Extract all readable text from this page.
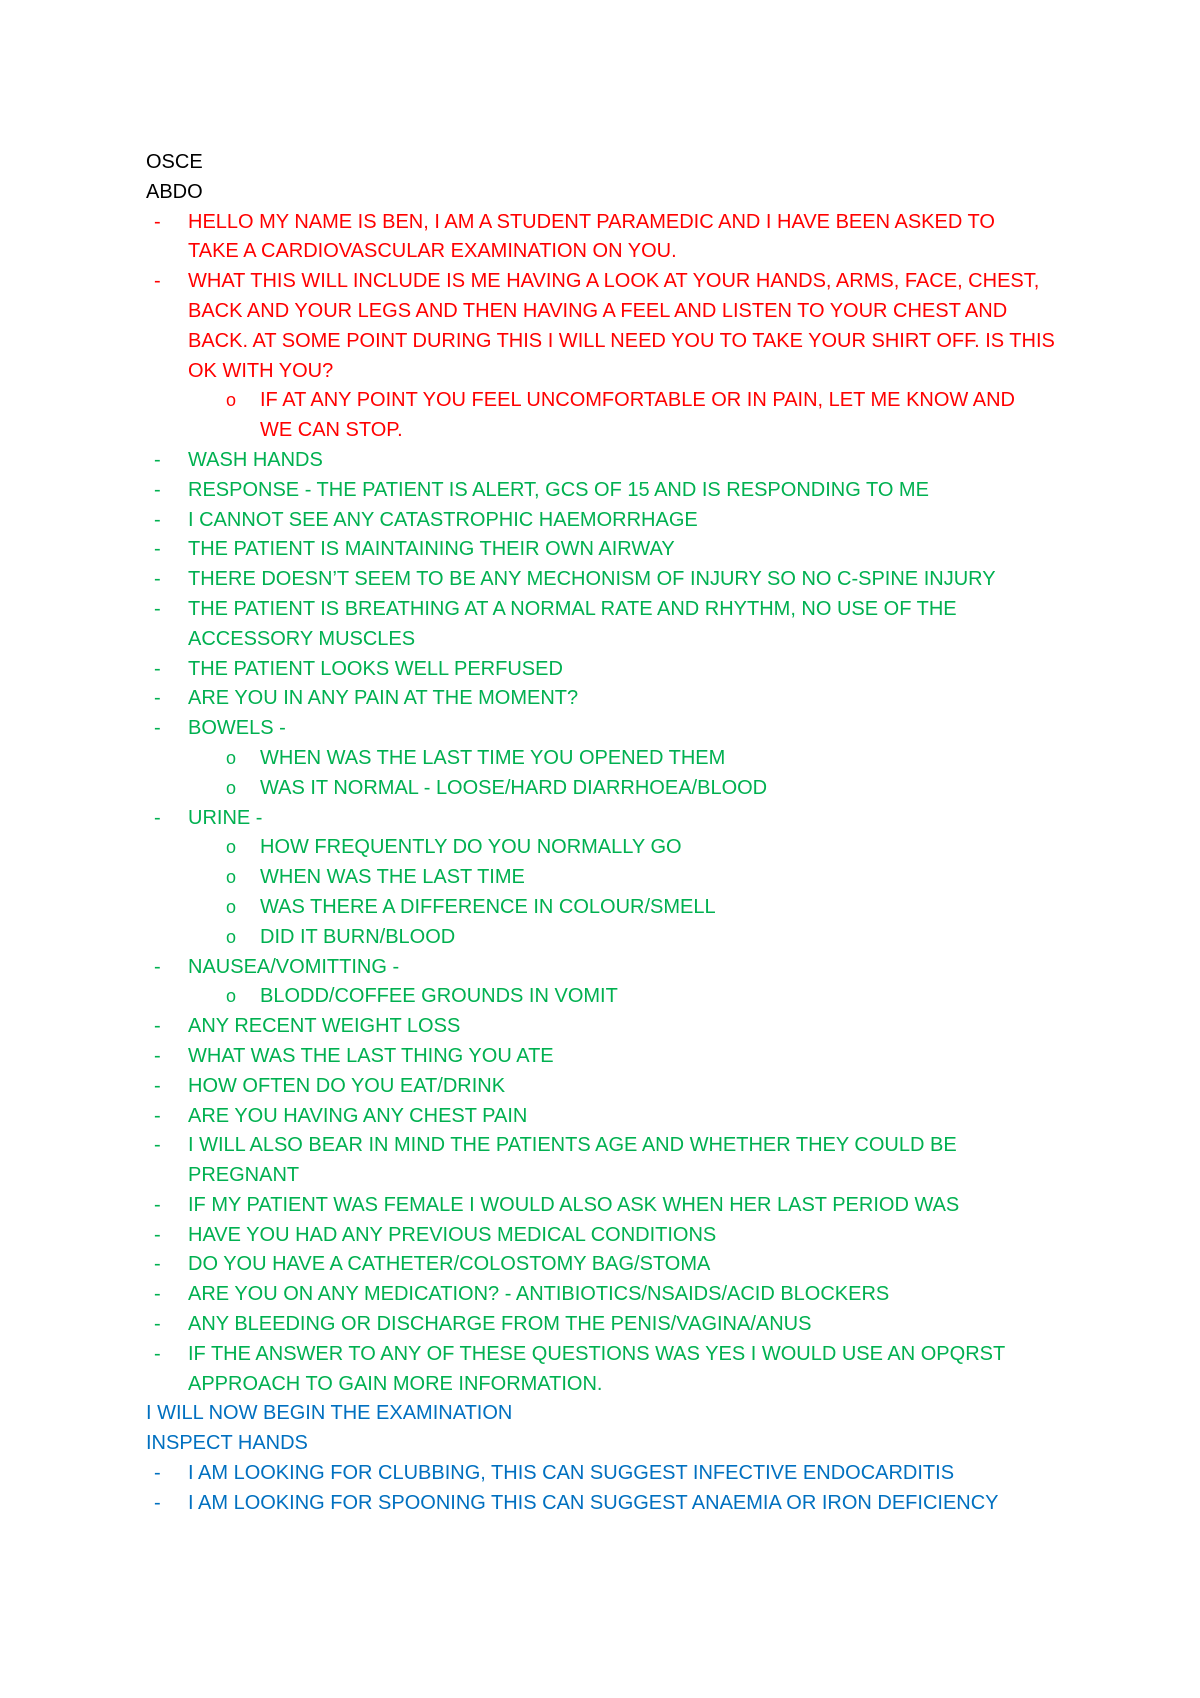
OSCE
ABDO
- HELLO MY NAME IS BEN, I AM A STUDENT PARAMEDIC AND I HAVE BEEN ASKED TO
TAKE A CARDIOVASCULAR EXAMINATION ON YOU.
- WHAT THIS WILL INCLUDE IS ME HAVING A LOOK AT YOUR HANDS, ARMS, FACE, CHEST,
BACK AND YOUR LEGS AND THEN HAVING A FEEL AND LISTEN TO YOUR CHEST AND
BACK. AT SOME POINT DURING THIS I WILL NEED YOU TO TAKE YOUR SHIRT OFF. IS THIS
OK WITH YOU?
o IF AT ANY POINT YOU FEEL UNCOMFORTABLE OR IN PAIN, LET ME KNOW AND
WE CAN STOP.
- WASH HANDS
- RESPONSE - THE PATIENT IS ALERT, GCS OF 15 AND IS RESPONDING TO ME
- I CANNOT SEE ANY CATASTROPHIC HAEMORRHAGE
- THE PATIENT IS MAINTAINING THEIR OWN AIRWAY
- THERE DOESN’T SEEM TO BE ANY MECHONISM OF INJURY SO NO C-SPINE INJURY
- THE PATIENT IS BREATHING AT A NORMAL RATE AND RHYTHM, NO USE OF THE
ACCESSORY MUSCLES
- THE PATIENT LOOKS WELL PERFUSED
- ARE YOU IN ANY PAIN AT THE MOMENT?
- BOWELS -
o WHEN WAS THE LAST TIME YOU OPENED THEM
o WAS IT NORMAL - LOOSE/HARD DIARRHOEA/BLOOD
- URINE -
o HOW FREQUENTLY DO YOU NORMALLY GO
o WHEN WAS THE LAST TIME
o WAS THERE A DIFFERENCE IN COLOUR/SMELL
o DID IT BURN/BLOOD
- NAUSEA/VOMITTING -
o BLODD/COFFEE GROUNDS IN VOMIT
- ANY RECENT WEIGHT LOSS
- WHAT WAS THE LAST THING YOU ATE
- HOW OFTEN DO YOU EAT/DRINK
- ARE YOU HAVING ANY CHEST PAIN
- I WILL ALSO BEAR IN MIND THE PATIENTS AGE AND WHETHER THEY COULD BE
PREGNANT
- IF MY PATIENT WAS FEMALE I WOULD ALSO ASK WHEN HER LAST PERIOD WAS
- HAVE YOU HAD ANY PREVIOUS MEDICAL CONDITIONS
- DO YOU HAVE A CATHETER/COLOSTOMY BAG/STOMA
- ARE YOU ON ANY MEDICATION? - ANTIBIOTICS/NSAIDS/ACID BLOCKERS
- ANY BLEEDING OR DISCHARGE FROM THE PENIS/VAGINA/ANUS
- IF THE ANSWER TO ANY OF THESE QUESTIONS WAS YES I WOULD USE AN OPQRST
APPROACH TO GAIN MORE INFORMATION.
I WILL NOW BEGIN THE EXAMINATION
INSPECT HANDS
- I AM LOOKING FOR CLUBBING, THIS CAN SUGGEST INFECTIVE ENDOCARDITIS
- I AM LOOKING FOR SPOONING THIS CAN SUGGEST ANAEMIA OR IRON DEFICIENCY
